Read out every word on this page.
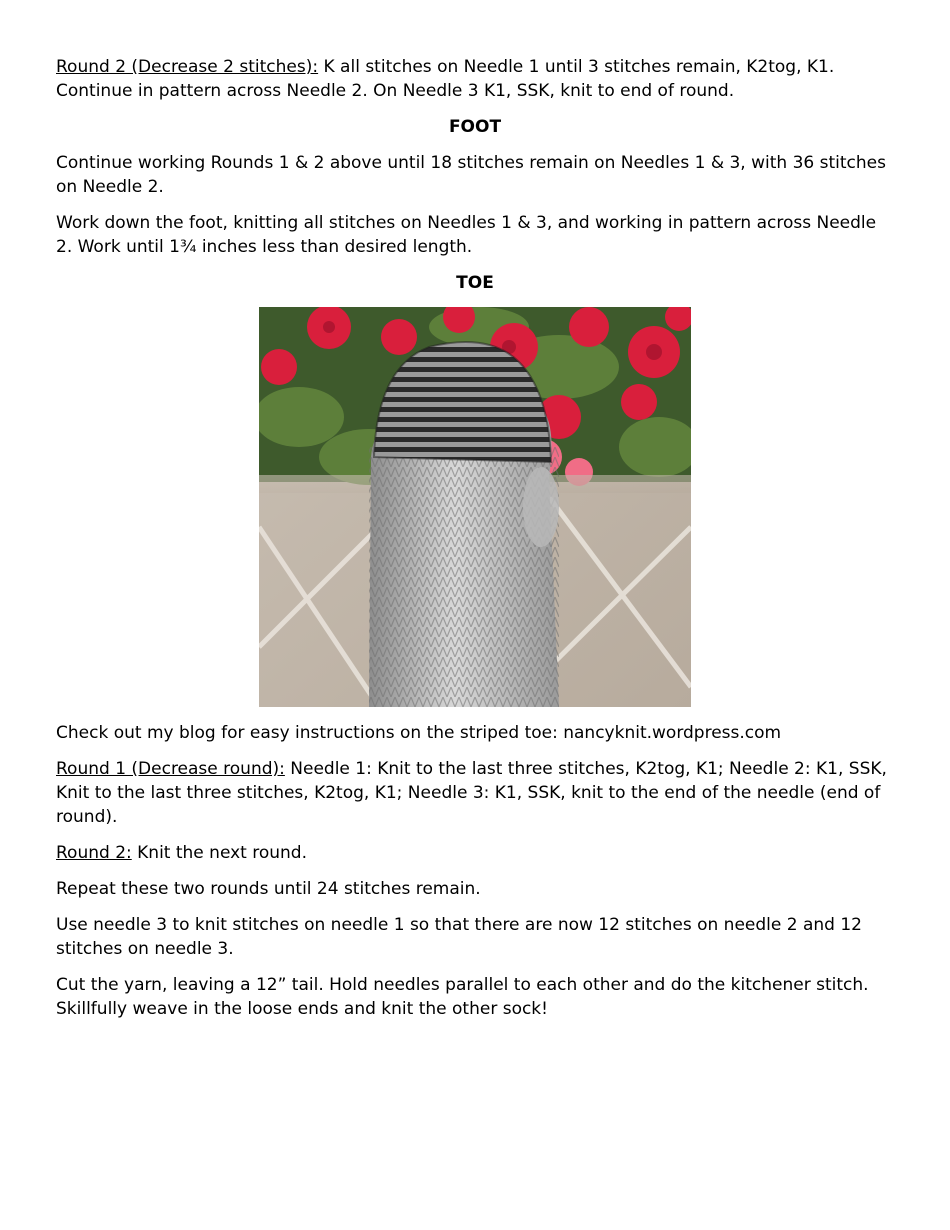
Round 2 (Decrease 2 stitches): K all stitches on Needle 1 until 3 stitches remain, K2tog, K1. Continue in pattern across Needle 2. On Needle 3 K1, SSK, knit to end of round.

FOOT

Continue working Rounds 1 & 2 above until 18 stitches remain on Needles 1 & 3, with 36 stitches on Needle 2.

Work down the foot, knitting all stitches on Needles 1 & 3, and working in pattern across Needle 2. Work until 1¾ inches less than desired length.

TOE

Check out my blog for easy instructions on the striped toe: nancyknit.wordpress.com

Round 1 (Decrease round): Needle 1: Knit to the last three stitches, K2tog, K1; Needle 2: K1, SSK, Knit to the last three stitches, K2tog, K1; Needle 3: K1, SSK, knit to the end of the needle (end of round).

Round 2: Knit the next round.

Repeat these two rounds until 24 stitches remain.

Use needle 3 to knit stitches on needle 1 so that there are now 12 stitches on needle 2 and 12 stitches on needle 3.

Cut the yarn, leaving a 12” tail. Hold needles parallel to each other and do the kitchener stitch. Skillfully weave in the loose ends and knit the other sock!
